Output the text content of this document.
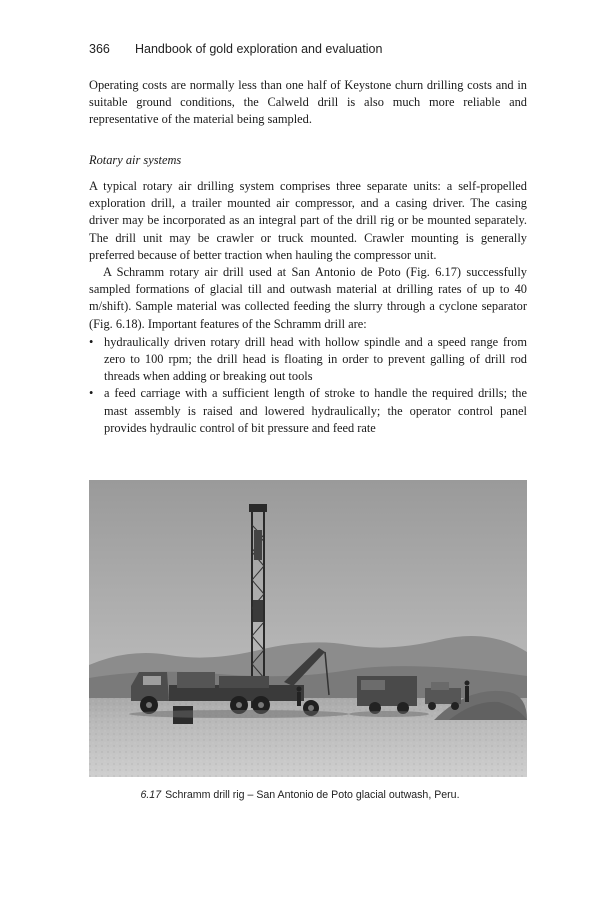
366 Handbook of gold exploration and evaluation

Operating costs are normally less than one half of Keystone churn drilling costs and in suitable ground conditions, the Calweld drill is also much more reliable and representative of the material being sampled.

Rotary air systems

A typical rotary air drilling system comprises three separate units: a self-propelled exploration drill, a trailer mounted air compressor, and a casing driver. The casing driver may be incorporated as an integral part of the drill rig or be mounted separately. The drill unit may be crawler or truck mounted. Crawler mounting is generally preferred because of better traction when hauling the compressor unit.

A Schramm rotary air drill used at San Antonio de Poto (Fig. 6.17) successfully sampled formations of glacial till and outwash material at drilling rates of up to 40 m/shift). Sample material was collected feeding the slurry through a cyclone separator (Fig. 6.18). Important features of the Schramm drill are:

• hydraulically driven rotary drill head with hollow spindle and a speed range from zero to 100 rpm; the drill head is floating in order to prevent galling of drill rod threads when adding or breaking out tools
• a feed carriage with a sufficient length of stroke to handle the required drills; the mast assembly is raised and lowered hydraulically; the operator control panel provides hydraulic control of bit pressure and feed rate
6.17 Schramm drill rig – San Antonio de Poto glacial outwash, Peru.
